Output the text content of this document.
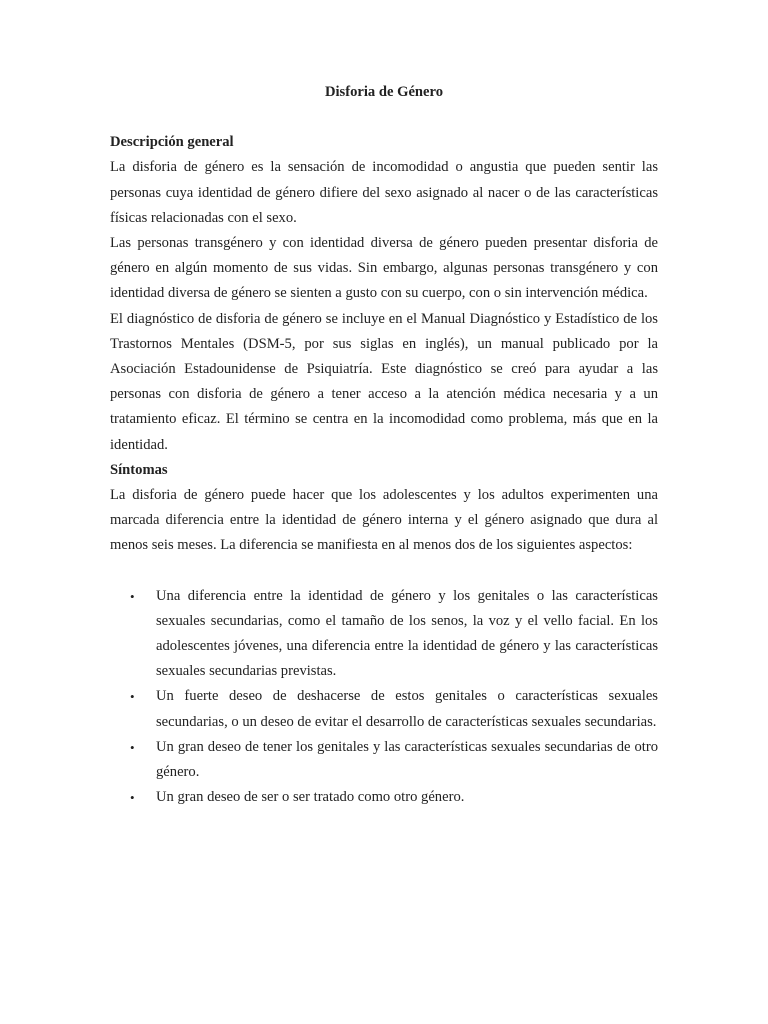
Disforia de Género
Descripción general

La disforia de género es la sensación de incomodidad o angustia que pueden sentir las personas cuya identidad de género difiere del sexo asignado al nacer o de las características físicas relacionadas con el sexo.

Las personas transgénero y con identidad diversa de género pueden presentar disforia de género en algún momento de sus vidas. Sin embargo, algunas personas transgénero y con identidad diversa de género se sienten a gusto con su cuerpo, con o sin intervención médica.

El diagnóstico de disforia de género se incluye en el Manual Diagnóstico y Estadístico de los Trastornos Mentales (DSM-5, por sus siglas en inglés), un manual publicado por la Asociación Estadounidense de Psiquiatría. Este diagnóstico se creó para ayudar a las personas con disforia de género a tener acceso a la atención médica necesaria y a un tratamiento eficaz. El término se centra en la incomodidad como problema, más que en la identidad.

Síntomas

La disforia de género puede hacer que los adolescentes y los adultos experimenten una marcada diferencia entre la identidad de género interna y el género asignado que dura al menos seis meses. La diferencia se manifiesta en al menos dos de los siguientes aspectos:

• Una diferencia entre la identidad de género y los genitales o las características sexuales secundarias, como el tamaño de los senos, la voz y el vello facial. En los adolescentes jóvenes, una diferencia entre la identidad de género y las características sexuales secundarias previstas.
• Un fuerte deseo de deshacerse de estos genitales o características sexuales secundarias, o un deseo de evitar el desarrollo de características sexuales secundarias.
• Un gran deseo de tener los genitales y las características sexuales secundarias de otro género.
• Un gran deseo de ser o ser tratado como otro género.
